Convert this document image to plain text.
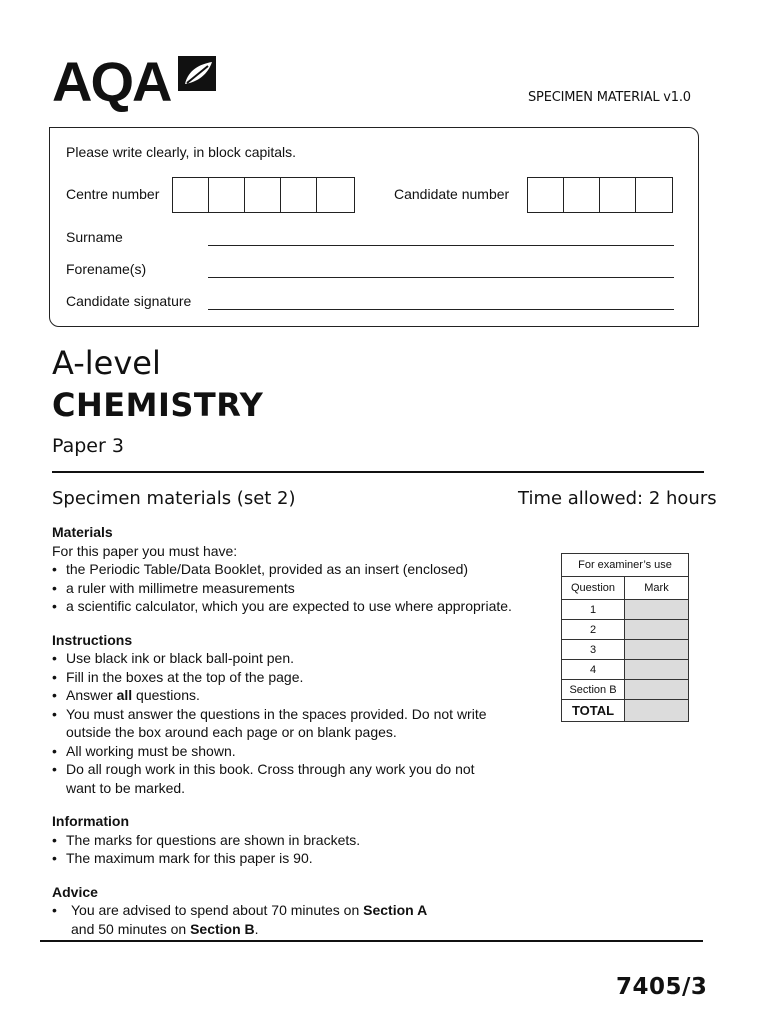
AQA	SPECIMEN MATERIAL v1.0
Please write clearly, in block capitals.
Centre number	Candidate number
Surname
Forename(s)
Candidate signature
A-level
CHEMISTRY
Paper 3
Specimen materials (set 2)	Time allowed: 2 hours
Materials
For this paper you must have:
• the Periodic Table/Data Booklet, provided as an insert (enclosed)
• a ruler with millimetre measurements
• a scientific calculator, which you are expected to use where appropriate.
Instructions
• Use black ink or black ball-point pen.
• Fill in the boxes at the top of the page.
• Answer all questions.
• You must answer the questions in the spaces provided. Do not write outside the box around each page or on blank pages.
• All working must be shown.
• Do all rough work in this book. Cross through any work you do not want to be marked.
Information
• The marks for questions are shown in brackets.
• The maximum mark for this paper is 90.
Advice
• You are advised to spend about 70 minutes on Section A
and 50 minutes on Section B.
For examiner’s use	
Question	Mark
1	
2	
3	
4	
Section B	
TOTAL	
7405/3
